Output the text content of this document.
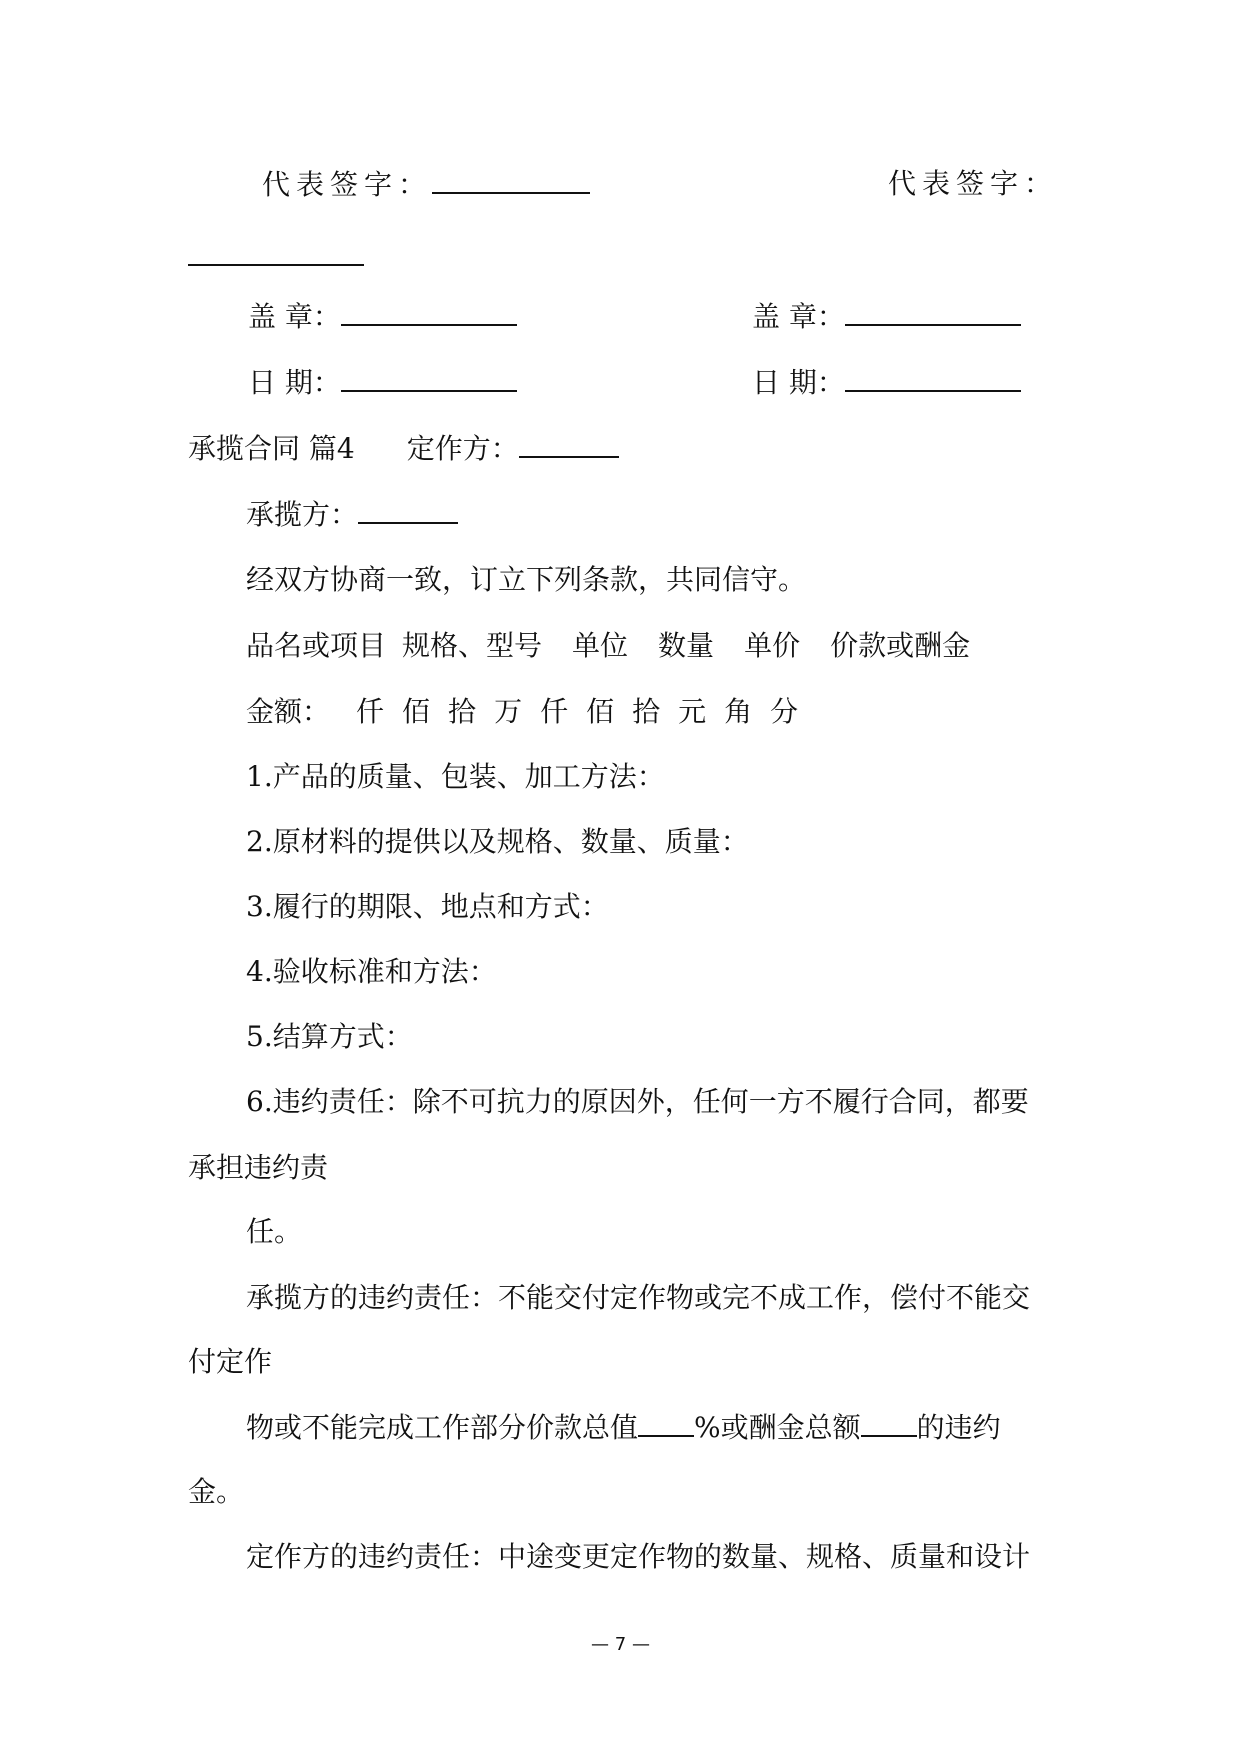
代表签字：	代表签字：
盖 章：	盖 章：
日 期：	日 期：
承揽合同 篇4 定作方：
承揽方：
经双方协商一致，订立下列条款，共同信守。
品名或项目 规格、型号 单位 数量 单价 价款或酬金
金额： 仟 佰 拾 万 仟 佰 拾 元 角 分
1.产品的质量、包装、加工方法：
2.原材料的提供以及规格、数量、质量：
3.履行的期限、地点和方式：
4.验收标准和方法：
5.结算方式：
6.违约责任：除不可抗力的原因外，任何一方不履行合同，都要
承担违约责
任。
承揽方的违约责任：不能交付定作物或完不成工作，偿付不能交
付定作
物或不能完成工作部分价款总值 %或酬金总额 的违约
金。
定作方的违约责任：中途变更定作物的数量、规格、质量和设计
— 7 —
